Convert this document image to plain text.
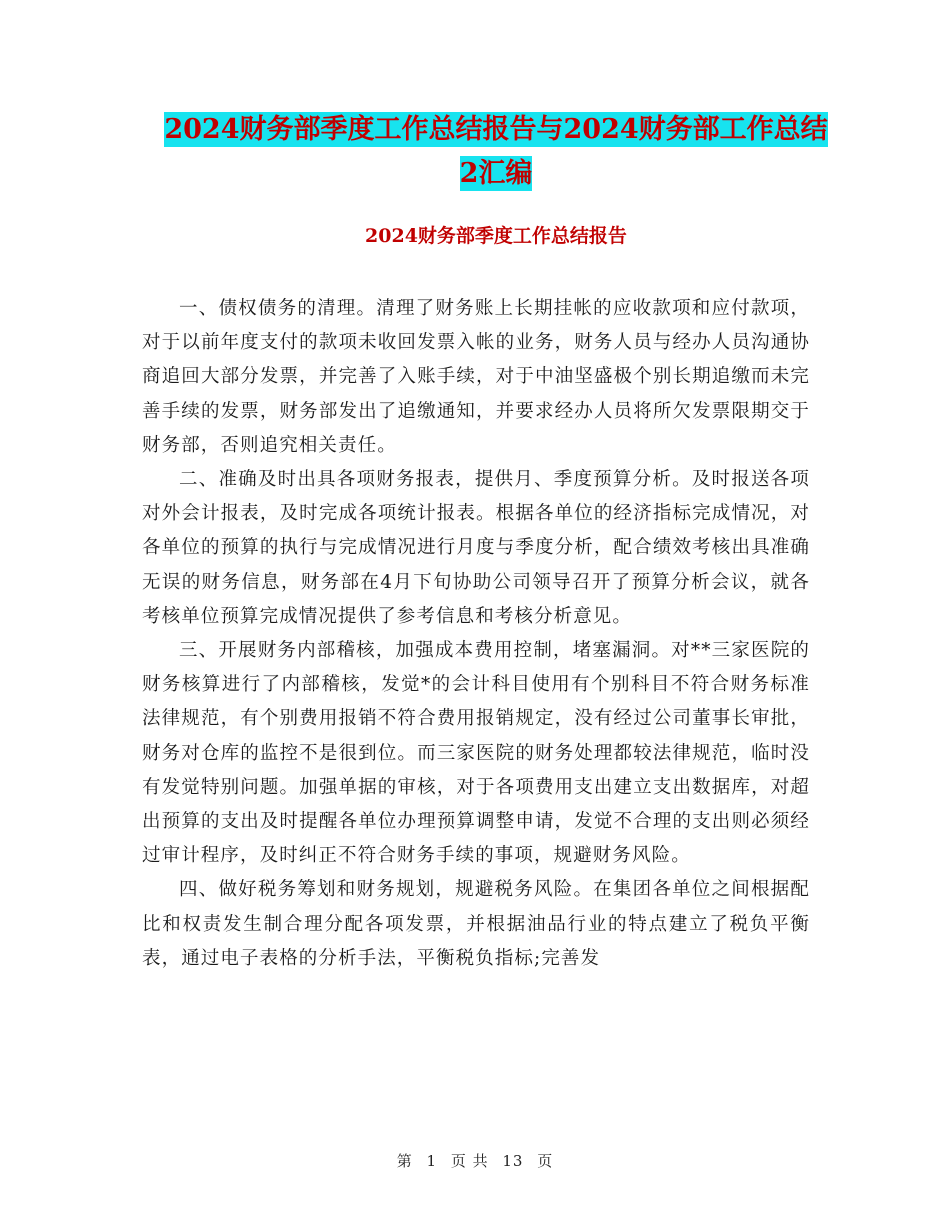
2024财务部季度工作总结报告与2024财务部工作总结
2汇编
2024财务部季度工作总结报告

一、债权债务的清理。清理了财务账上长期挂帐的应收款项和应付款项，对于以前年度支付的款项未收回发票入帐的业务，财务人员与经办人员沟通协商追回大部分发票，并完善了入账手续，对于中油坚盛极个别长期追缴而未完善手续的发票，财务部发出了追缴通知，并要求经办人员将所欠发票限期交于财务部，否则追究相关责任。

二、准确及时出具各项财务报表，提供月、季度预算分析。及时报送各项对外会计报表，及时完成各项统计报表。根据各单位的经济指标完成情况，对各单位的预算的执行与完成情况进行月度与季度分析，配合绩效考核出具准确无误的财务信息，财务部在4月下旬协助公司领导召开了预算分析会议，就各考核单位预算完成情况提供了参考信息和考核分析意见。

三、开展财务内部稽核，加强成本费用控制，堵塞漏洞。对**三家医院的财务核算进行了内部稽核，发觉*的会计科目使用有个别科目不符合财务标准法律规范，有个别费用报销不符合费用报销规定，没有经过公司董事长审批，财务对仓库的监控不是很到位。而三家医院的财务处理都较法律规范，临时没有发觉特别问题。加强单据的审核，对于各项费用支出建立支出数据库，对超出预算的支出及时提醒各单位办理预算调整申请，发觉不合理的支出则必须经过审计程序，及时纠正不符合财务手续的事项，规避财务风险。

四、做好税务筹划和财务规划，规避税务风险。在集团各单位之间根据配比和权责发生制合理分配各项发票，并根据油品行业的特点建立了税负平衡表，通过电子表格的分析手法，平衡税负指标;完善发

第 1 页 共 13 页
